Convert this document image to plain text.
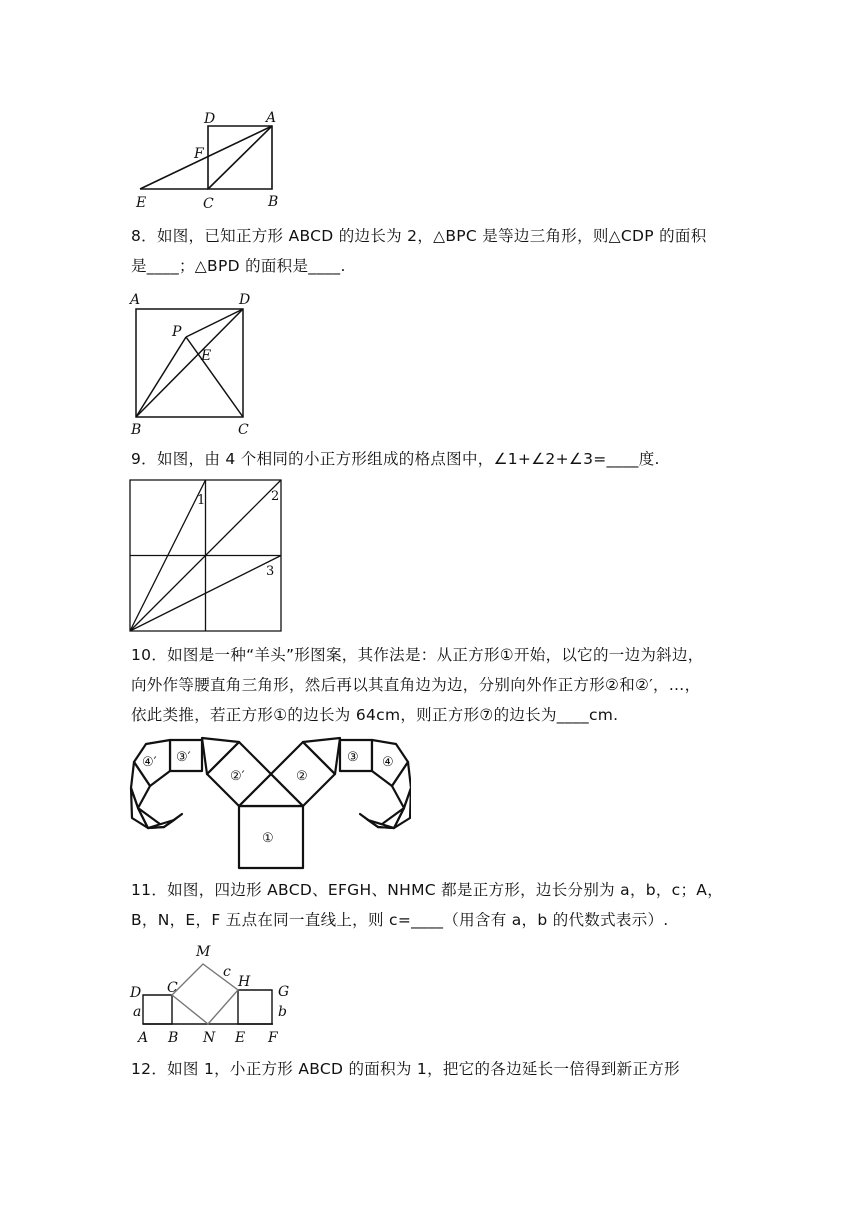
D	A
F
E	C	B
8．如图，已知正方形 ABCD 的边长为 2，△BPC 是等边三角形，则△CDP 的面积
是____；△BPD 的面积是____.
A	D
P
E
B	C
9．如图，由 4 个相同的小正方形组成的格点图中，∠1+∠2+∠3=____度.
1	2
3
10．如图是一种“羊头”形图案，其作法是：从正方形①开始，以它的一边为斜边，
向外作等腰直角三角形，然后再以其直角边为边，分别向外作正方形②和②′，…，
依此类推，若正方形①的边长为 64cm，则正方形⑦的边长为____cm.
①
②
②′
③
③′	④
④′
11．如图，四边形 ABCD、EFGH、NHMC 都是正方形，边长分别为 a，b，c；A，
B，N，E，F 五点在同一直线上，则 c=____（用含有 a，b 的代数式表示）.
M
c
D C	H
G
a	b
A B N E F
12．如图 1，小正方形 ABCD 的面积为 1，把它的各边延长一倍得到新正方形
